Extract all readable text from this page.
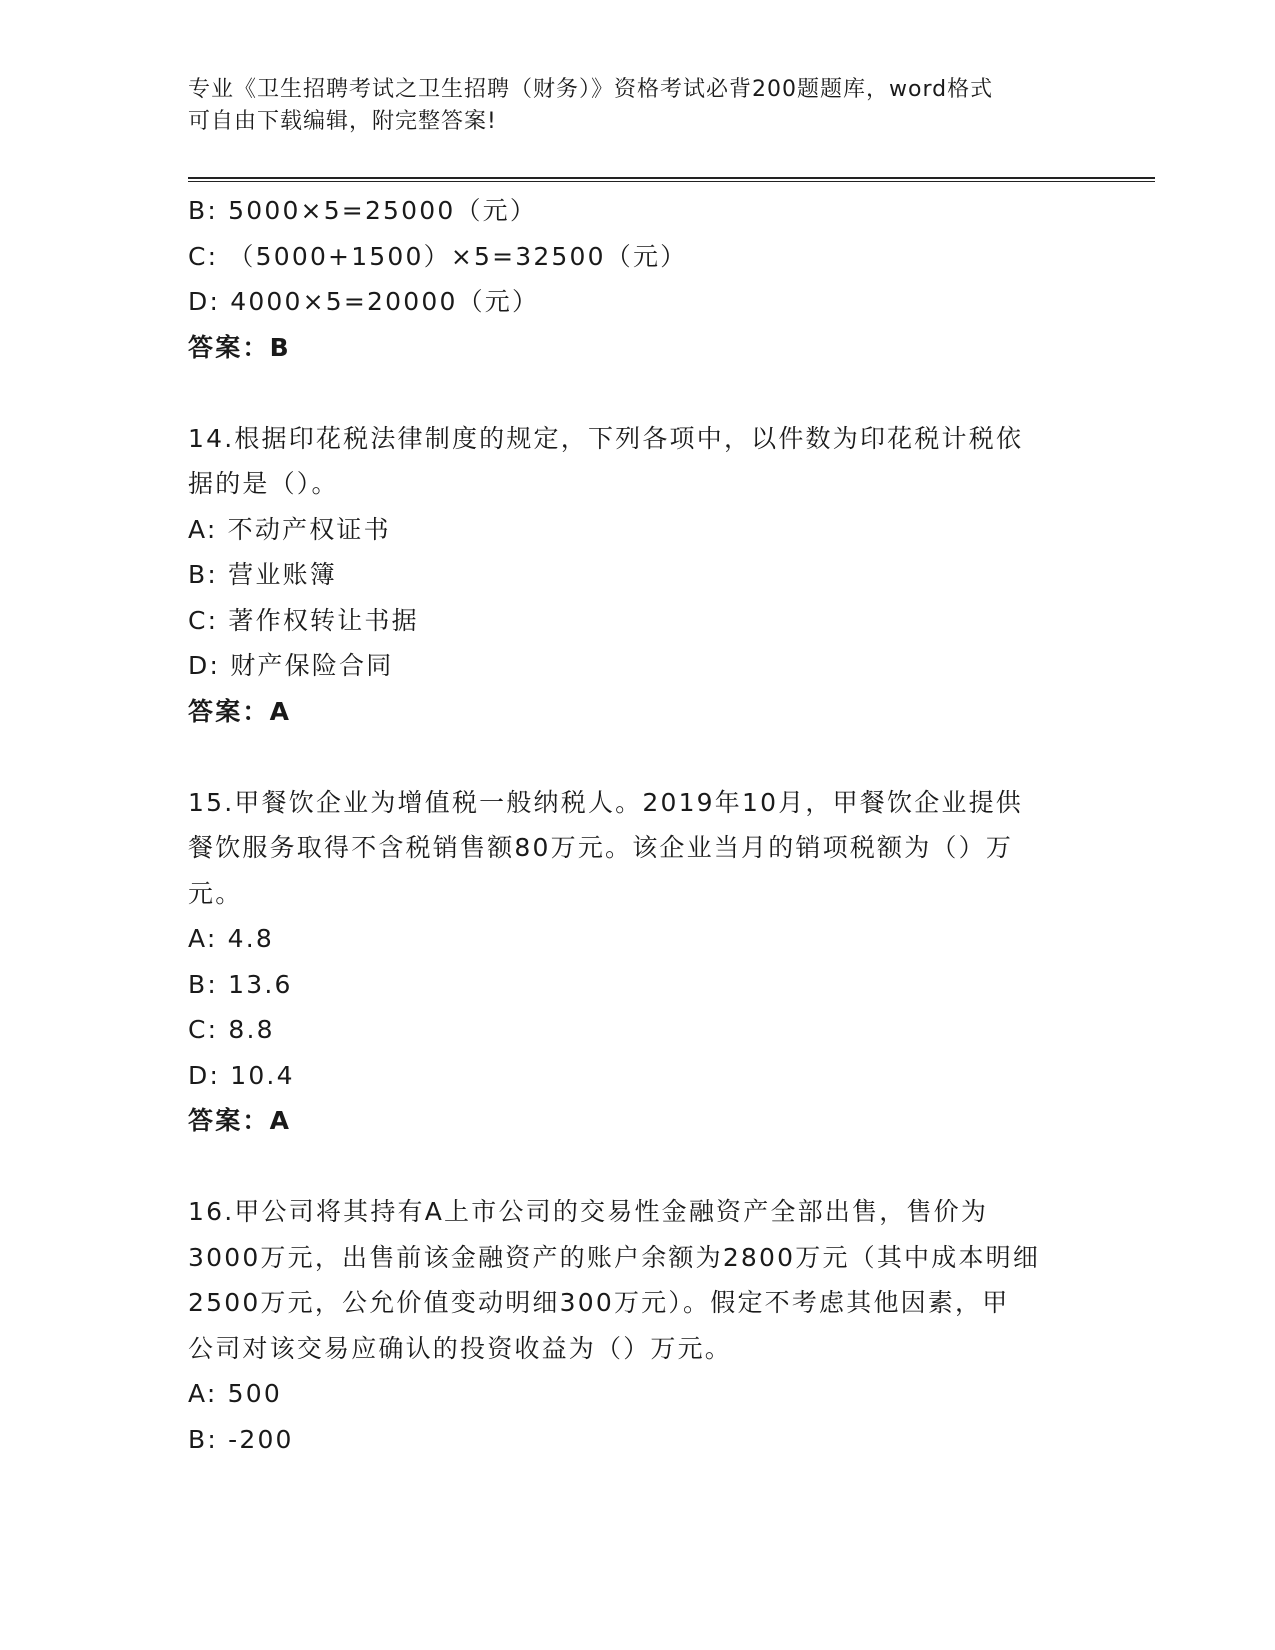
专业《卫生招聘考试之卫生招聘（财务）》资格考试必背200题题库，word格式
可自由下载编辑，附完整答案!
B: 5000×5=25000（元）
C: （5000+1500）×5=32500（元）
D: 4000×5=20000（元）
答案：B
14.根据印花税法律制度的规定，下列各项中，以件数为印花税计税依
据的是（）。
A: 不动产权证书
B: 营业账簿
C: 著作权转让书据
D: 财产保险合同
答案：A
15.甲餐饮企业为增值税一般纳税人。2019年10月，甲餐饮企业提供
餐饮服务取得不含税销售额80万元。该企业当月的销项税额为（）万
元。
A: 4.8
B: 13.6
C: 8.8
D: 10.4
答案：A
16.甲公司将其持有A上市公司的交易性金融资产全部出售，售价为
3000万元，出售前该金融资产的账户余额为2800万元（其中成本明细
2500万元，公允价值变动明细300万元）。假定不考虑其他因素，甲
公司对该交易应确认的投资收益为（）万元。
A: 500
B: -200
